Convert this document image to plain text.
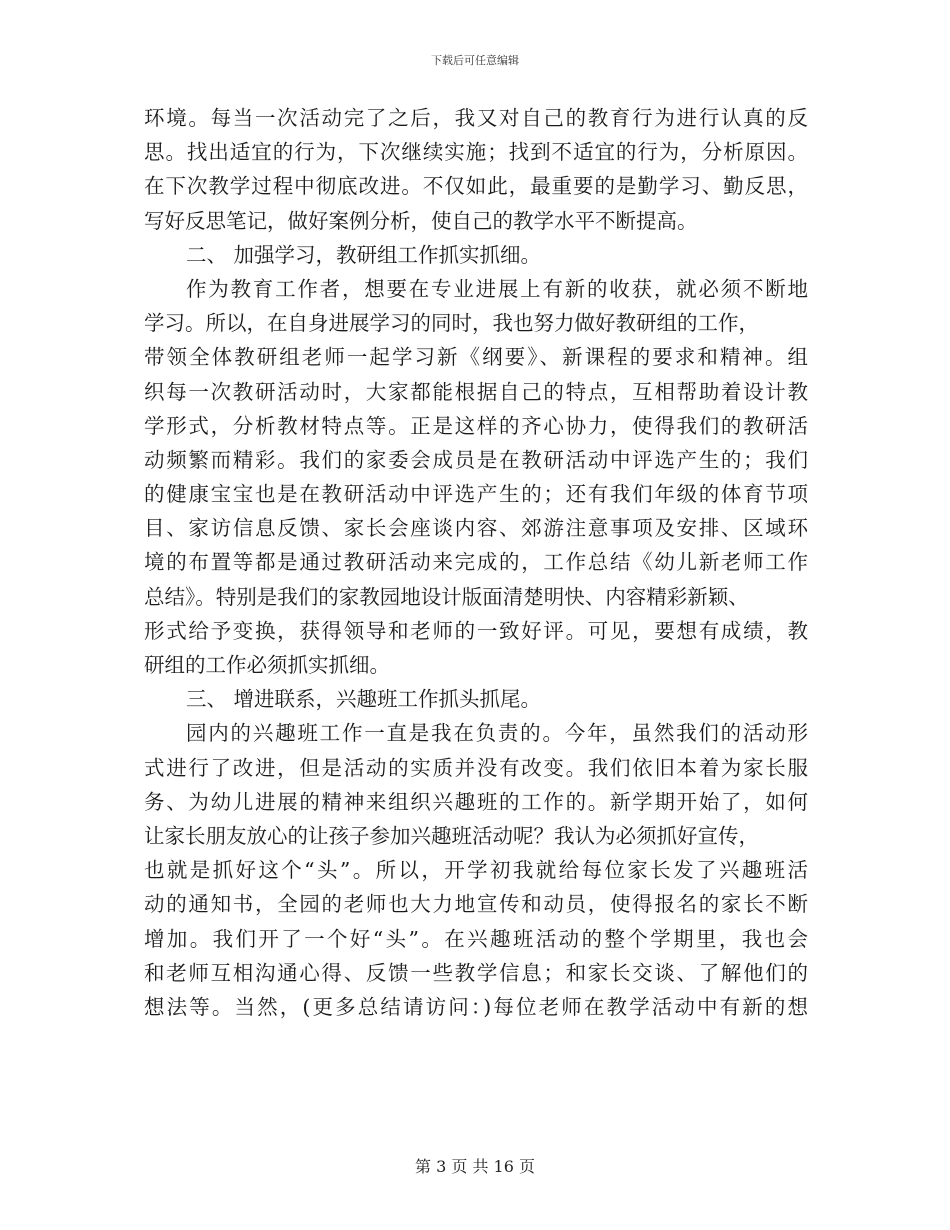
下载后可任意编辑
环境。每当一次活动完了之后，我又对自己的教育行为进行认真的反
思。找出适宜的行为，下次继续实施；找到不适宜的行为，分析原因。
在下次教学过程中彻底改进。不仅如此，最重要的是勤学习、勤反思，
写好反思笔记，做好案例分析，使自己的教学水平不断提高。
二、 加强学习，教研组工作抓实抓细。
作为教育工作者，想要在专业进展上有新的收获，就必须不断地
学习。所以，在自身进展学习的同时，我也努力做好教研组的工作，
带领全体教研组老师一起学习新《纲要》、新课程的要求和精神。组
织每一次教研活动时，大家都能根据自己的特点，互相帮助着设计教
学形式，分析教材特点等。正是这样的齐心协力，使得我们的教研活
动频繁而精彩。我们的家委会成员是在教研活动中评选产生的；我们
的健康宝宝也是在教研活动中评选产生的；还有我们年级的体育节项
目、家访信息反馈、家长会座谈内容、郊游注意事项及安排、区域环
境的布置等都是通过教研活动来完成的，工作总结《幼儿新老师工作
总结》。特别是我们的家教园地设计版面清楚明快、内容精彩新颖、
形式给予变换，获得领导和老师的一致好评。可见，要想有成绩，教
研组的工作必须抓实抓细。
三、 增进联系，兴趣班工作抓头抓尾。
园内的兴趣班工作一直是我在负责的。今年，虽然我们的活动形
式进行了改进，但是活动的实质并没有改变。我们依旧本着为家长服
务、为幼儿进展的精神来组织兴趣班的工作的。新学期开始了，如何
让家长朋友放心的让孩子参加兴趣班活动呢？我认为必须抓好宣传，
也就是抓好这个“头”。所以，开学初我就给每位家长发了兴趣班活
动的通知书，全园的老师也大力地宣传和动员，使得报名的家长不断
增加。我们开了一个好“头”。在兴趣班活动的整个学期里，我也会
和老师互相沟通心得、反馈一些教学信息；和家长交谈、了解他们的
想法等。当然，(更多总结请访问：)每位老师在教学活动中有新的想
第 3 页 共 16 页
